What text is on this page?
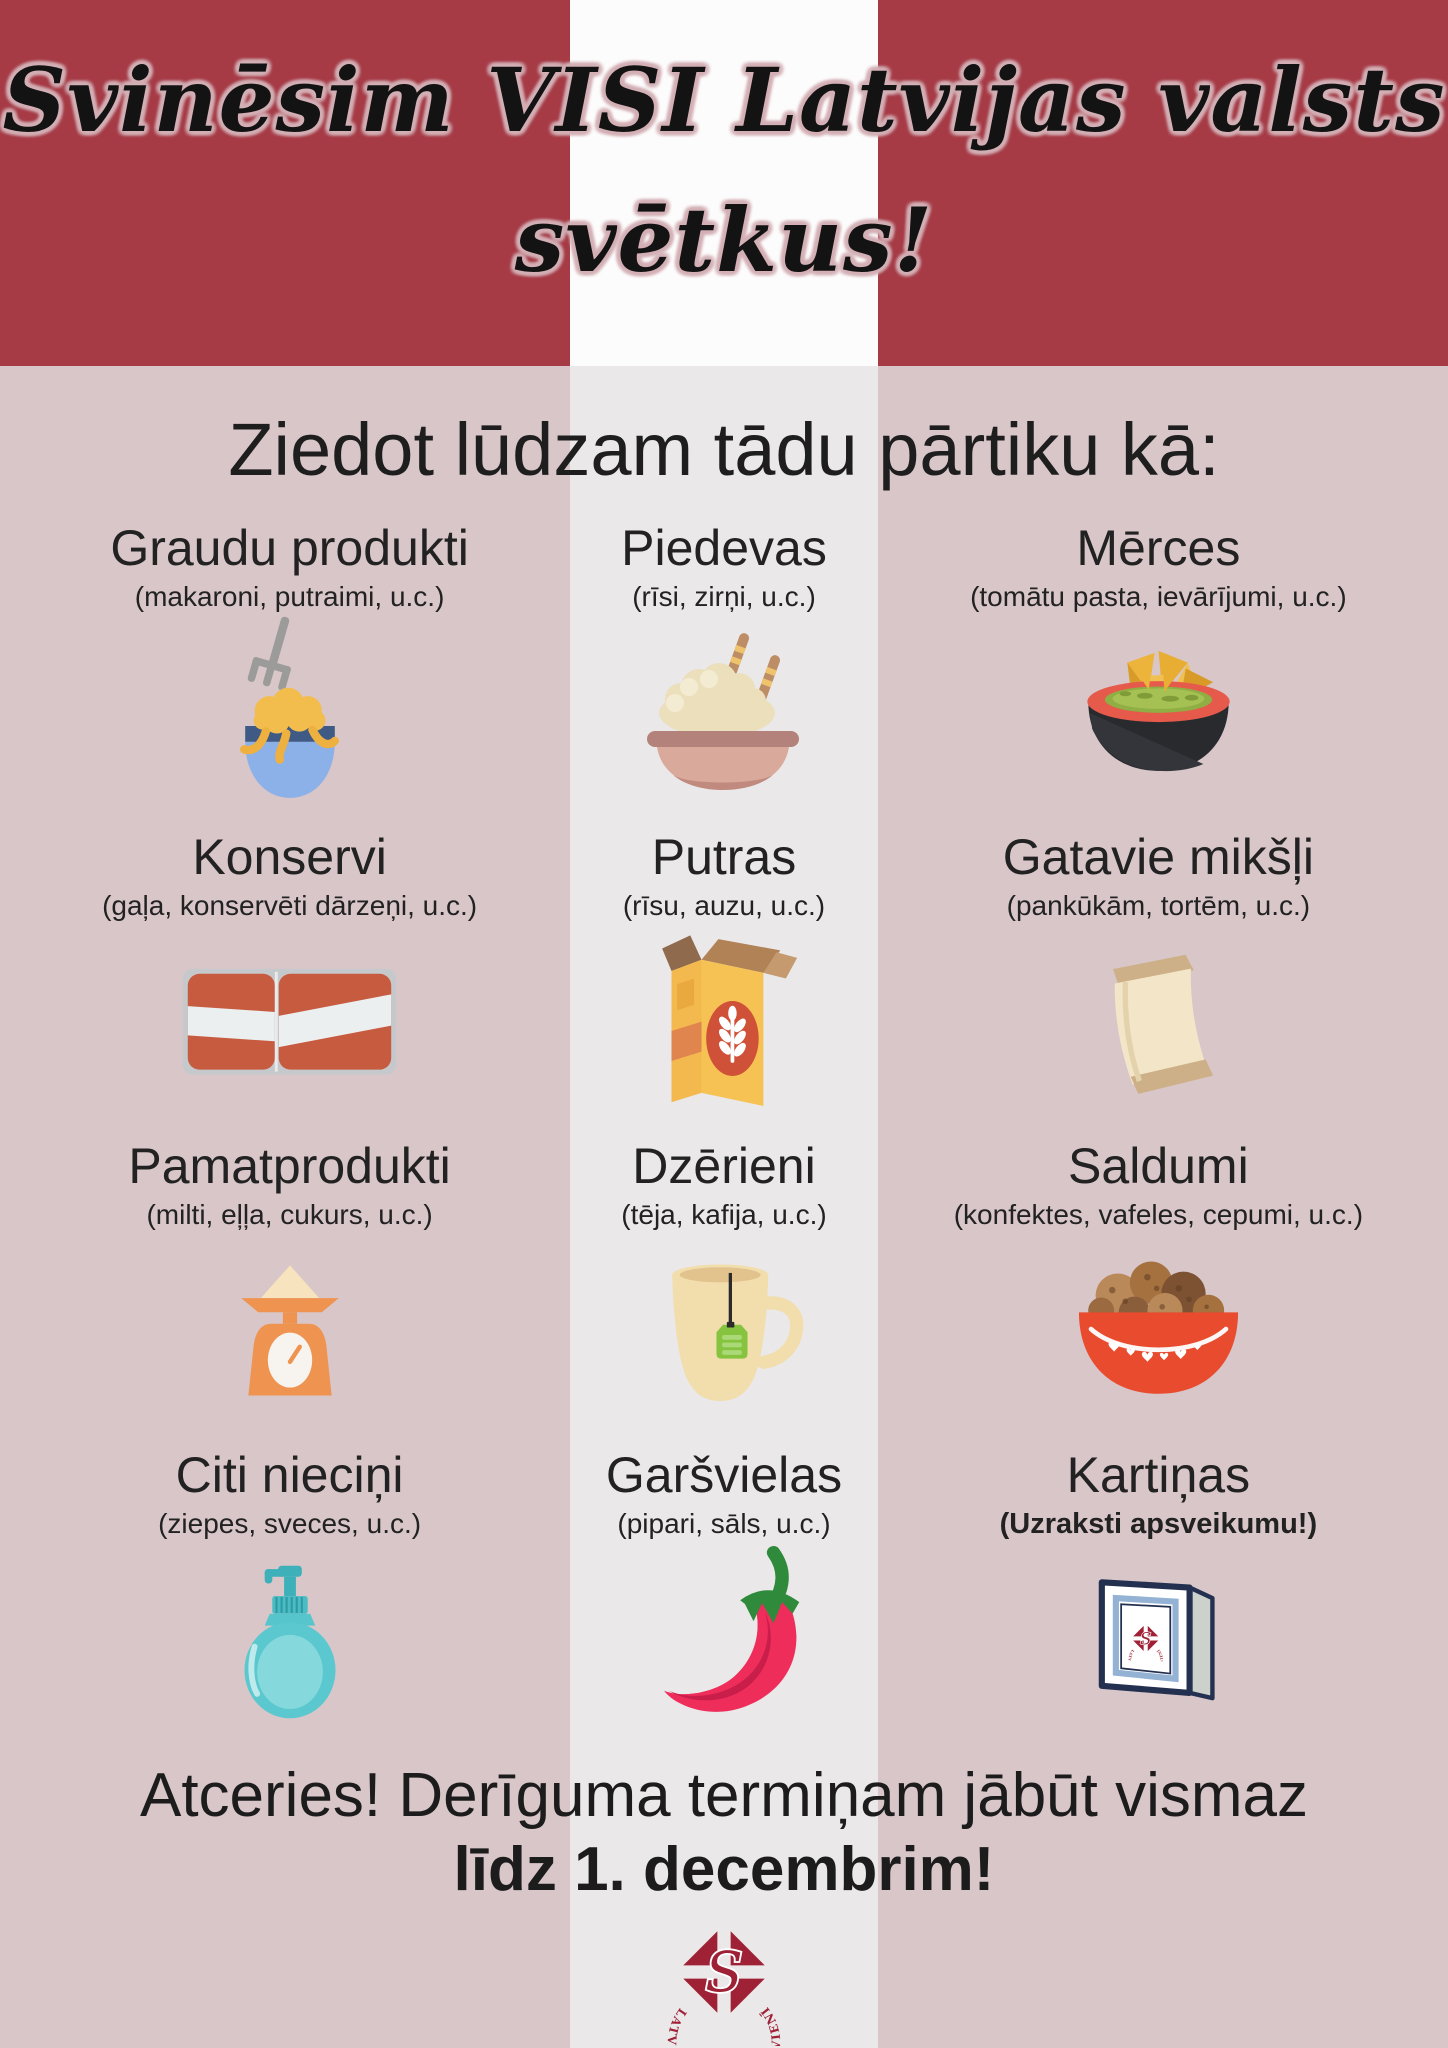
Svinēsim VISI Latvijas valsts
svētkus!
Ziedot lūdzam tādu pārtiku kā:
Graudu produkti
(makaroni, putraimi, u.c.)
Piedevas
(rīsi, zirņi, u.c.)
Mērces
(tomātu pasta, ievārījumi, u.c.)
Konservi
(gaļa, konservēti dārzeņi, u.c.)
Putras
(rīsu, auzu, u.c.)
Gatavie mikšļi
(pankūkām, tortēm, u.c.)
Pamatprodukti
(milti, eļļa, cukurs, u.c.)
Dzērieni
(tēja, kafija, u.c.)
Saldumi
(konfektes, vafeles, cepumi, u.c.)
Citi nieciņi
(ziepes, sveces, u.c.)
Garšvielas
(pipari, sāls, u.c.)
Kartiņas
(Uzraksti apsveikumu!)
Atceries! Derīguma termiņam jābūt vismaz
līdz 1. decembrim!
